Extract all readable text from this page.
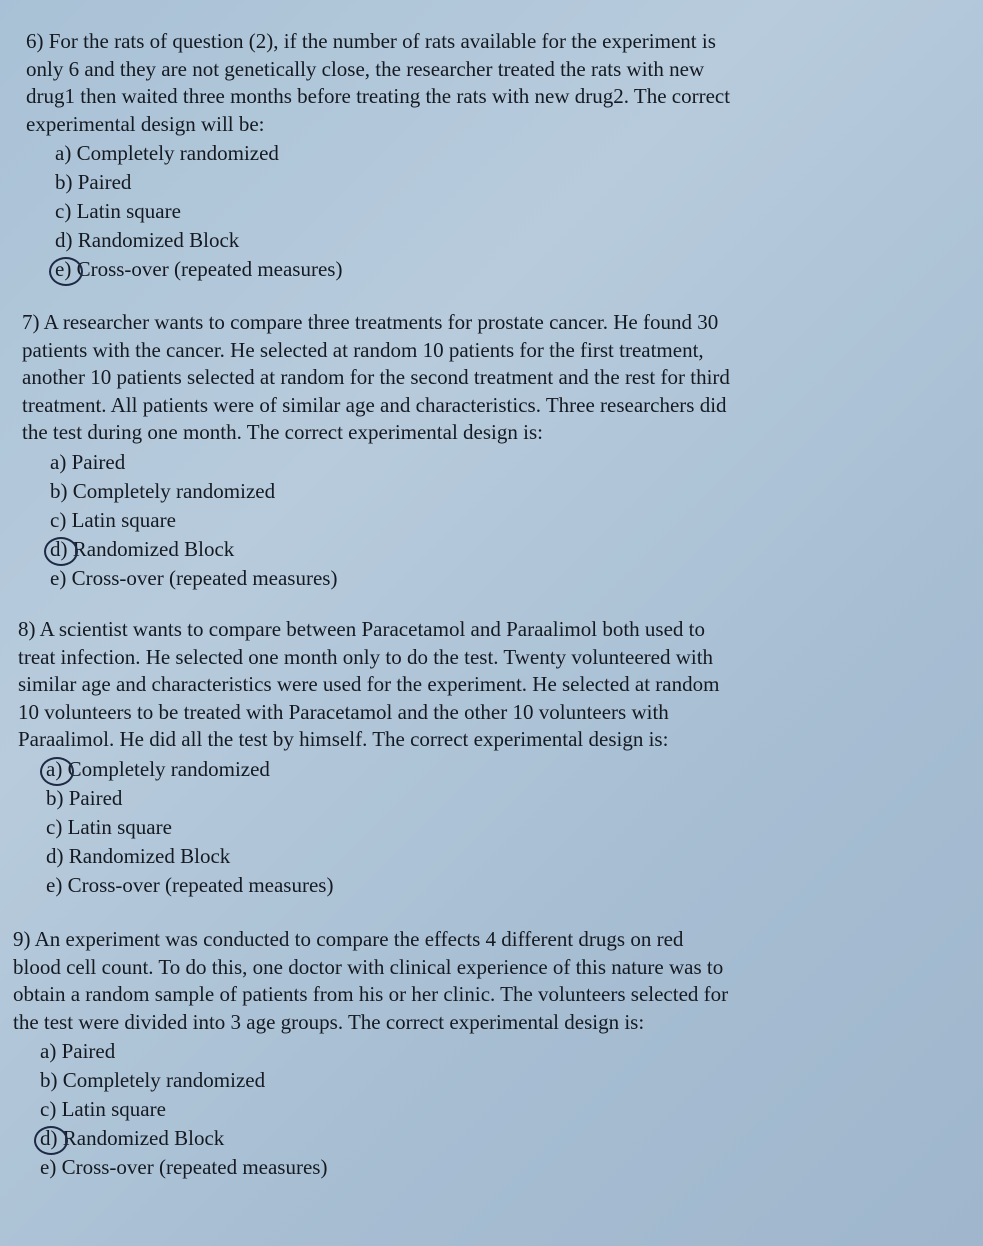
6) For the rats of question (2), if the number of rats available for the experiment is

only 6 and they are not genetically close, the researcher treated the rats with new

drug1 then waited three months before treating the rats with new drug2. The correct

experimental design will be:

a) Completely randomized
b) Paired
c) Latin square
d) Randomized Block
e) Cross-over (repeated measures)

7) A researcher wants to compare three treatments for prostate cancer. He found 30

patients with the cancer. He selected at random 10 patients for the first treatment,

another 10 patients selected at random for the second treatment and the rest for third

treatment. All patients were of similar age and characteristics. Three researchers did

the test during one month. The correct experimental design is:

a) Paired
b) Completely randomized
c) Latin square
d) Randomized Block
e) Cross-over (repeated measures)

8) A scientist wants to compare between Paracetamol and Paraalimol both used to

treat infection. He selected one month only to do the test. Twenty volunteered with

similar age and characteristics were used for the experiment. He selected at random

10 volunteers to be treated with Paracetamol and the other 10 volunteers with

Paraalimol. He did all the test by himself. The correct experimental design is:

a) Completely randomized
b) Paired
c) Latin square
d) Randomized Block
e) Cross-over (repeated measures)

9) An experiment was conducted to compare the effects 4 different drugs on red

blood cell count. To do this, one doctor with clinical experience of this nature was to

obtain a random sample of patients from his or her clinic. The volunteers selected for

the test were divided into 3 age groups. The correct experimental design is:

a) Paired
b) Completely randomized
c) Latin square
d) Randomized Block
e) Cross-over (repeated measures)
